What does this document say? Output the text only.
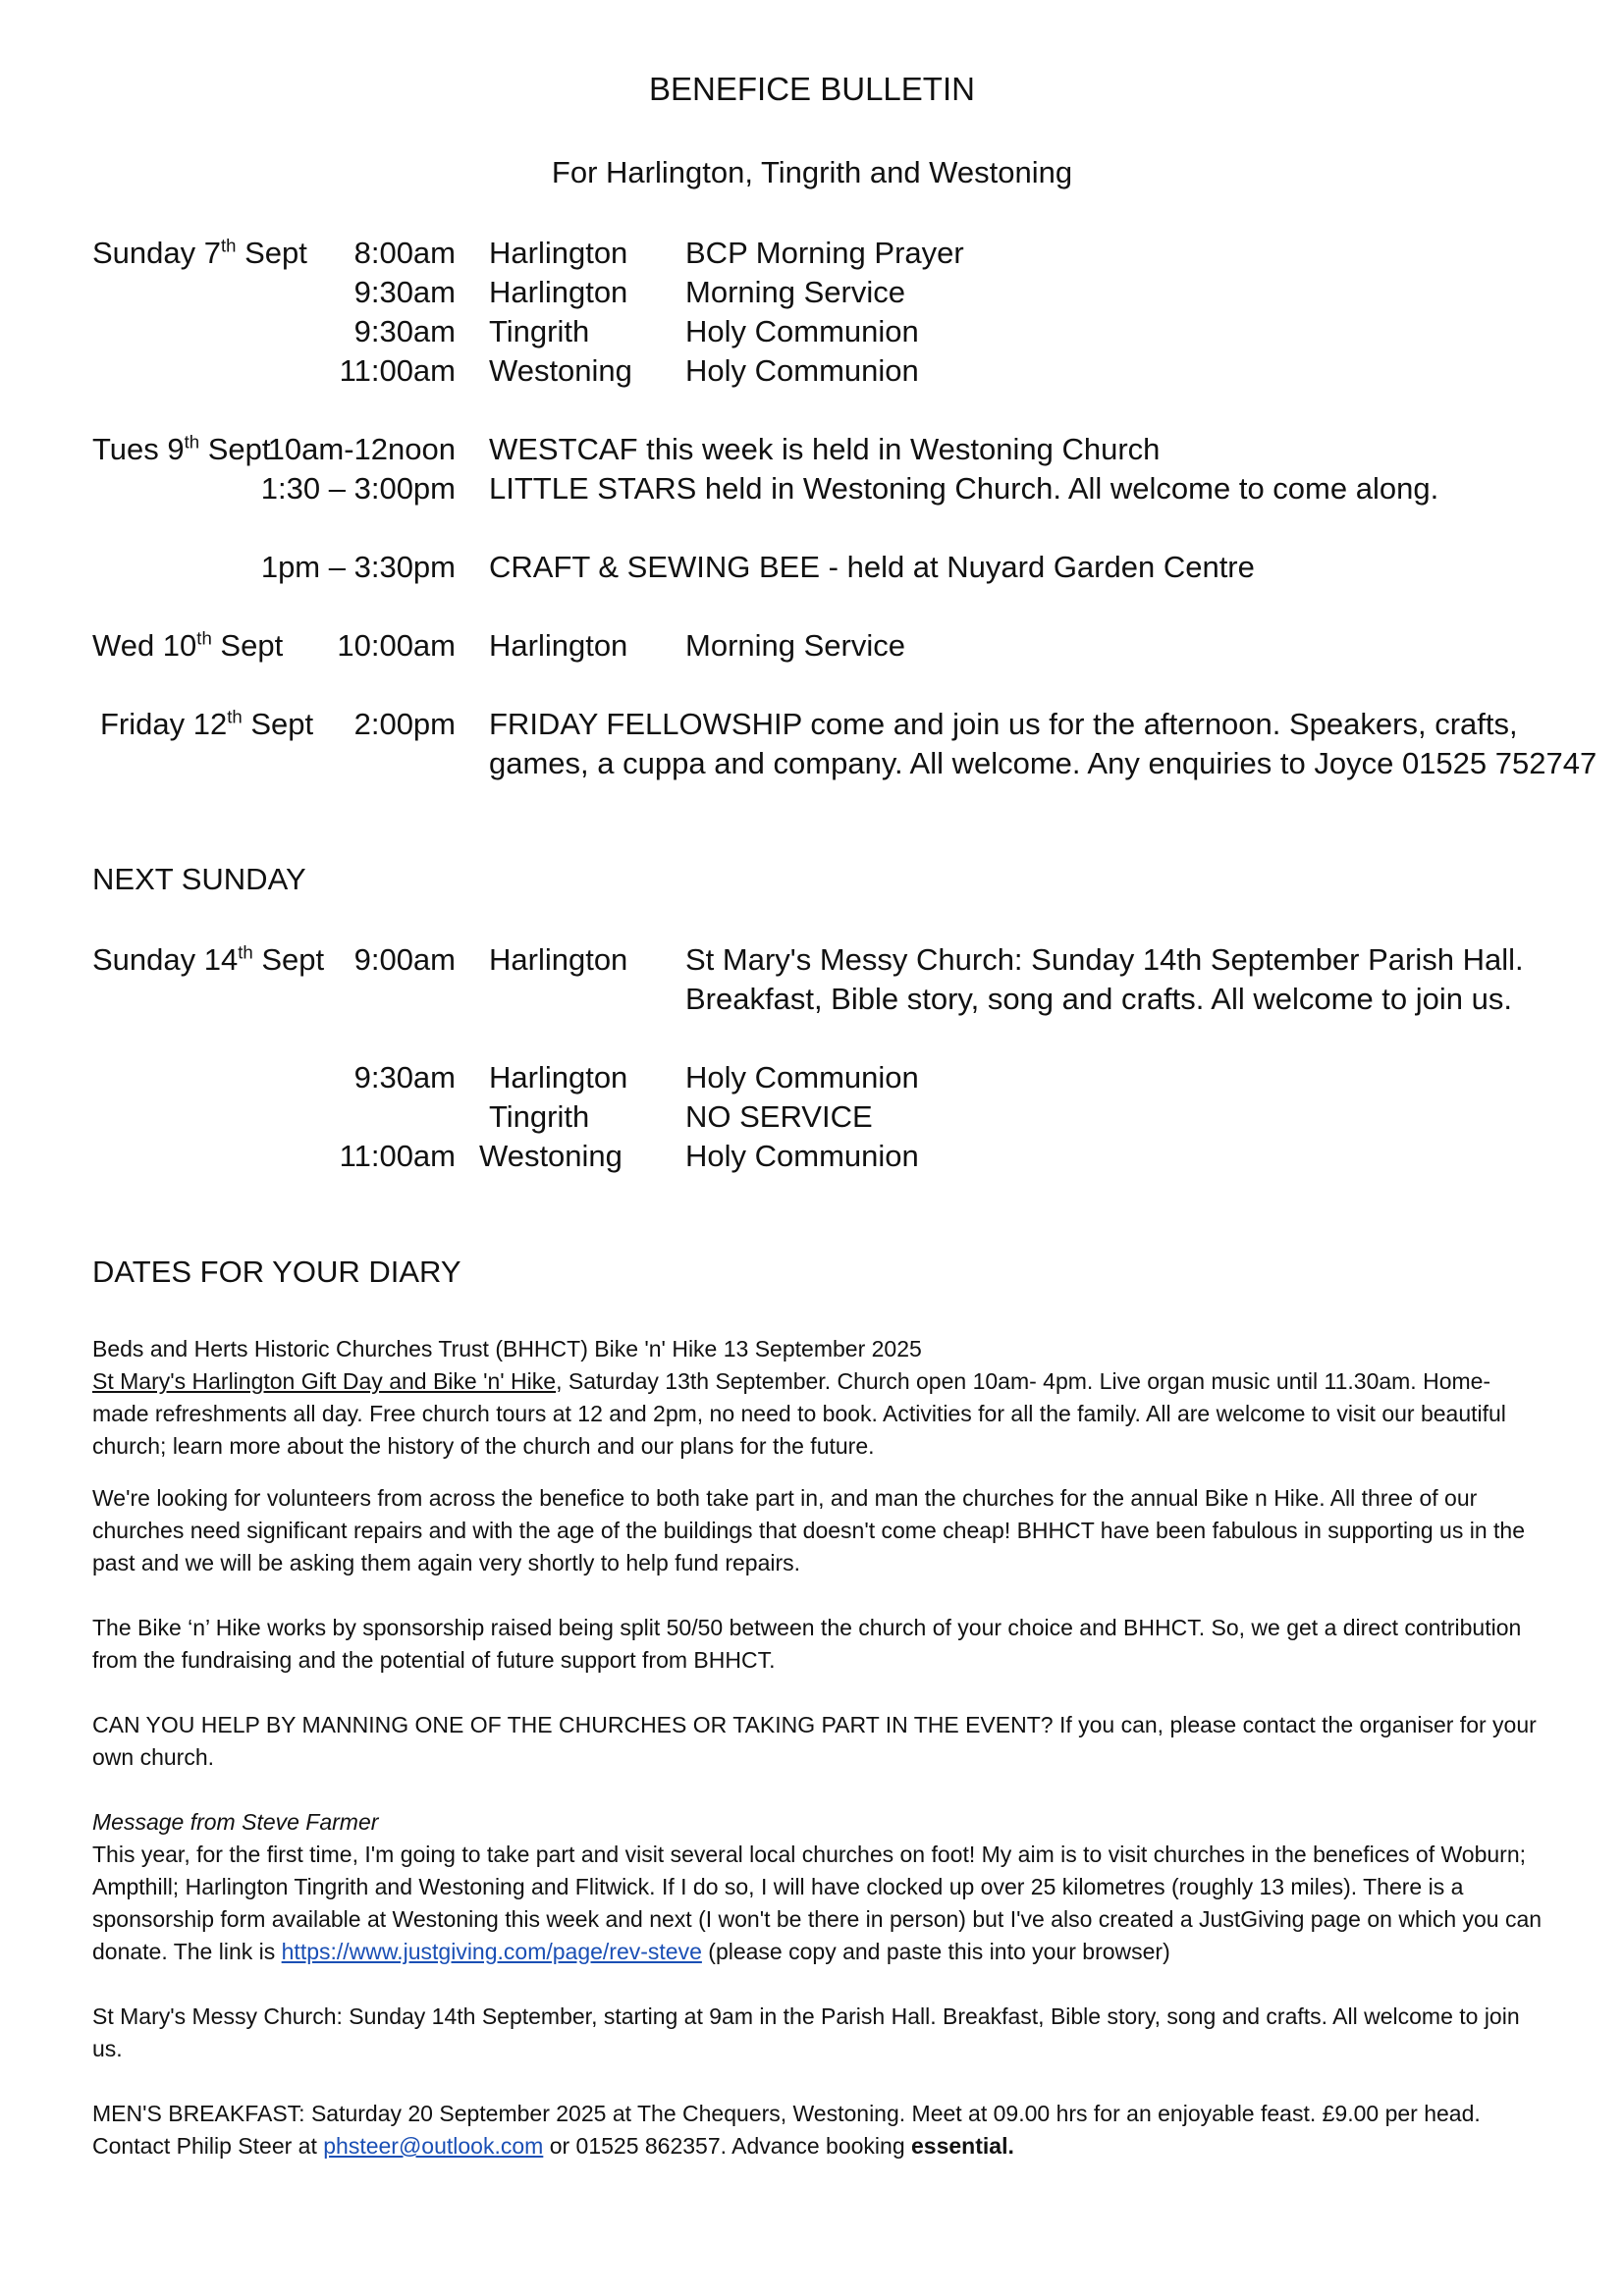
BENEFICE BULLETIN
For Harlington, Tingrith and Westoning
Sunday 7th Sept	8:00am Harlington BCP Morning Prayer
9:30am Harlington Morning Service
9:30am Tingrith	Holy Communion
11:00am Westoning Holy Communion
Tues 9th Sept
10am-12noon WESTCAF this week is held in Westoning Church
1:30 – 3:00pm LITTLE STARS held in Westoning Church. All welcome to come along.
1pm – 3:30pm CRAFT & SEWING BEE - held at Nuyard Garden Centre
Wed 10th Sept	10:00am Harlington Morning Service
Friday 12th Sept	2:00pm FRIDAY FELLOWSHIP come and join us for the afternoon. Speakers, crafts, games, a cuppa and company. All welcome. Any enquiries to Joyce 01525 752747
NEXT SUNDAY
Sunday 14th Sept 9:00am Harlington St Mary's Messy Church: Sunday 14th September Parish Hall. Breakfast, Bible story, song and crafts. All welcome to join us.
9:30am Harlington Holy Communion
Tingrith	NO SERVICE
11:00am Westoning Holy Communion
DATES FOR YOUR DIARY

Beds and Herts Historic Churches Trust (BHHCT) Bike 'n' Hike 13 September 2025
St Mary's Harlington Gift Day and Bike 'n' Hike, Saturday 13th September. Church open 10am- 4pm. Live organ music until 11.30am. Home-made refreshments all day. Free church tours at 12 and 2pm, no need to book. Activities for all the family. All are welcome to visit our beautiful church; learn more about the history of the church and our plans for the future.

We're looking for volunteers from across the benefice to both take part in, and man the churches for the annual Bike n Hike. All three of our churches need significant repairs and with the age of the buildings that doesn't come cheap! BHHCT have been fabulous in supporting us in the past and we will be asking them again very shortly to help fund repairs.

The Bike ‘n’ Hike works by sponsorship raised being split 50/50 between the church of your choice and BHHCT. So, we get a direct contribution from the fundraising and the potential of future support from BHHCT.

CAN YOU HELP BY MANNING ONE OF THE CHURCHES OR TAKING PART IN THE EVENT? If you can, please contact the organiser for your own church.

Message from Steve Farmer
This year, for the first time, I'm going to take part and visit several local churches on foot! My aim is to visit churches in the benefices of Woburn; Ampthill; Harlington Tingrith and Westoning and Flitwick. If I do so, I will have clocked up over 25 kilometres (roughly 13 miles). There is a sponsorship form available at Westoning this week and next (I won't be there in person) but I've also created a JustGiving page on which you can donate. The link is https://www.justgiving.com/page/rev-steve (please copy and paste this into your browser)

St Mary's Messy Church: Sunday 14th September, starting at 9am in the Parish Hall. Breakfast, Bible story, song and crafts. All welcome to join us.

MEN'S BREAKFAST: Saturday 20 September 2025 at The Chequers, Westoning. Meet at 09.00 hrs for an enjoyable feast. £9.00 per head. Contact Philip Steer at phsteer@outlook.com or 01525 862357. Advance booking essential.
